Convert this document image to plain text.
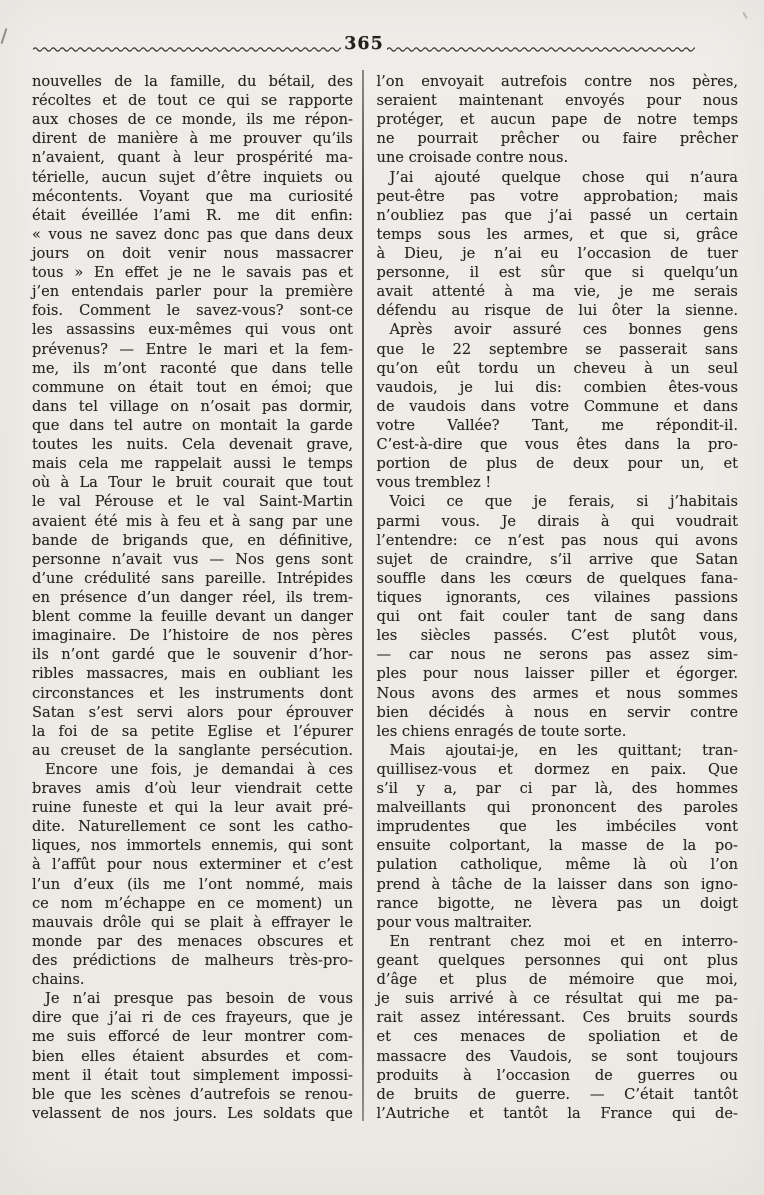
365
nouvelles de la famille, du bétail, des
récoltes et de tout ce qui se rapporte
aux choses de ce monde, ils me répon-
dirent de manière à me prouver qu’ils
n’avaient, quant à leur prospérité ma-
térielle, aucun sujet d’être inquiets ou
mécontents. Voyant que ma curiosité
était éveillée l’ami R. me dit enfin:
« vous ne savez donc pas que dans deux
jours on doit venir nous massacrer
tous » En effet je ne le savais pas et
j’en entendais parler pour la première
fois. Comment le savez-vous? sont-ce
les assassins eux-mêmes qui vous ont
prévenus? — Entre le mari et la fem-
me, ils m’ont raconté que dans telle
commune on était tout en émoi; que
dans tel village on n’osait pas dormir,
que dans tel autre on montait la garde
toutes les nuits. Cela devenait grave,
mais cela me rappelait aussi le temps
où à La Tour le bruit courait que tout
le val Pérouse et le val Saint-Martin
avaient été mis à feu et à sang par une
bande de brigands que, en définitive,
personne n’avait vus — Nos gens sont
d’une crédulité sans pareille. Intrépides
en présence d’un danger réel, ils trem-
blent comme la feuille devant un danger
imaginaire. De l’histoire de nos pères
ils n’ont gardé que le souvenir d’hor-
ribles massacres, mais en oubliant les
circonstances et les instruments dont
Satan s’est servi alors pour éprouver
la foi de sa petite Eglise et l’épurer
au creuset de la sanglante persécution.
Encore une fois, je demandai à ces
braves amis d’où leur viendrait cette
ruine funeste et qui la leur avait pré-
dite. Naturellement ce sont les catho-
liques, nos immortels ennemis, qui sont
à l’affût pour nous exterminer et c’est
l’un d’eux (ils me l’ont nommé, mais
ce nom m’échappe en ce moment) un
mauvais drôle qui se plait à effrayer le
monde par des menaces obscures et
des prédictions de malheurs très-pro-
chains.
Je n’ai presque pas besoin de vous
dire que j’ai ri de ces frayeurs, que je
me suis efforcé de leur montrer com-
bien elles étaient absurdes et com-
ment il était tout simplement impossi-
ble que les scènes d’autrefois se renou-
velassent de nos jours. Les soldats que
l’on envoyait autrefois contre nos pères,
seraient maintenant envoyés pour nous
protéger, et aucun pape de notre temps
ne pourrait prêcher ou faire prêcher
une croisade contre nous.
J’ai ajouté quelque chose qui n’aura
peut-être pas votre approbation; mais
n’oubliez pas que j’ai passé un certain
temps sous les armes, et que si, grâce
à Dieu, je n’ai eu l’occasion de tuer
personne, il est sûr que si quelqu’un
avait attenté à ma vie, je me serais
défendu au risque de lui ôter la sienne.
Après avoir assuré ces bonnes gens
que le 22 septembre se passerait sans
qu’on eût tordu un cheveu à un seul
vaudois, je lui dis: combien êtes-vous
de vaudois dans votre Commune et dans
votre Vallée? Tant, me répondit-il.
C’est-à-dire que vous êtes dans la pro-
portion de plus de deux pour un, et
vous tremblez !
Voici ce que je ferais, si j’habitais
parmi vous. Je dirais à qui voudrait
l’entendre: ce n’est pas nous qui avons
sujet de craindre, s’il arrive que Satan
souffle dans les cœurs de quelques fana-
tiques ignorants, ces vilaines passions
qui ont fait couler tant de sang dans
les siècles passés. C’est plutôt vous,
— car nous ne serons pas assez sim-
ples pour nous laisser piller et égorger.
Nous avons des armes et nous sommes
bien décidés à nous en servir contre
les chiens enragés de toute sorte.
Mais ajoutai-je, en les quittant; tran-
quillisez-vous et dormez en paix. Que
s’il y a, par ci par là, des hommes
malveillants qui prononcent des paroles
imprudentes que les imbéciles vont
ensuite colportant, la masse de la po-
pulation catholique, même là où l’on
prend à tâche de la laisser dans son igno-
rance bigotte, ne lèvera pas un doigt
pour vous maltraiter.
En rentrant chez moi et en interro-
geant quelques personnes qui ont plus
d’âge et plus de mémoire que moi,
je suis arrivé à ce résultat qui me pa-
rait assez intéressant. Ces bruits sourds
et ces menaces de spoliation et de
massacre des Vaudois, se sont toujours
produits à l’occasion de guerres ou
de bruits de guerre. — C’était tantôt
l’Autriche et tantôt la France qui de-
